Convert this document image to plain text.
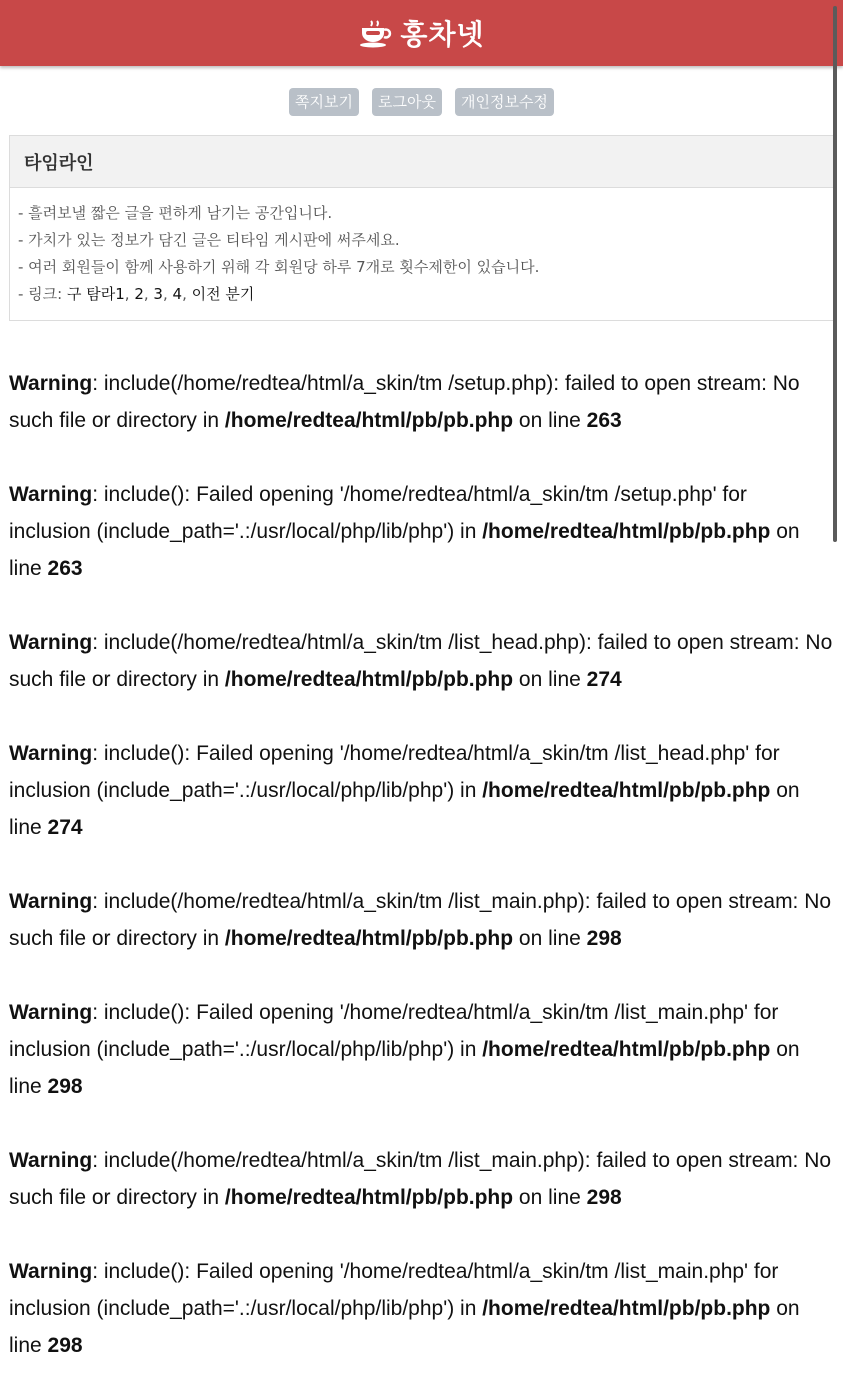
홍차넷
쪽지보기	로그아웃	개인정보수정
타임라인
- 흘려보낼 짧은 글을 편하게 남기는 공간입니다.
- 가치가 있는 정보가 담긴 글은 티타임 게시판에 써주세요.
- 여러 회원들이 함께 사용하기 위해 각 회원당 하루 7개로 횟수제한이 있습니다.
- 링크: 구 탐라1, 2, 3, 4, 이전 분기

Warning: include(/home/redtea/html/a_skin/tm /setup.php): failed to open stream: No such file or directory in /home/redtea/html/pb/pb.php on line 263

Warning: include(): Failed opening '/home/redtea/html/a_skin/tm /setup.php' for inclusion (include_path='.:/usr/local/php/lib/php') in /home/redtea/html/pb/pb.php on line 263

Warning: include(/home/redtea/html/a_skin/tm /list_head.php): failed to open stream: No such file or directory in /home/redtea/html/pb/pb.php on line 274

Warning: include(): Failed opening '/home/redtea/html/a_skin/tm /list_head.php' for inclusion (include_path='.:/usr/local/php/lib/php') in /home/redtea/html/pb/pb.php on line 274

Warning: include(/home/redtea/html/a_skin/tm /list_main.php): failed to open stream: No such file or directory in /home/redtea/html/pb/pb.php on line 298

Warning: include(): Failed opening '/home/redtea/html/a_skin/tm /list_main.php' for inclusion (include_path='.:/usr/local/php/lib/php') in /home/redtea/html/pb/pb.php on line 298

Warning: include(/home/redtea/html/a_skin/tm /list_main.php): failed to open stream: No such file or directory in /home/redtea/html/pb/pb.php on line 298

Warning: include(): Failed opening '/home/redtea/html/a_skin/tm /list_main.php' for inclusion (include_path='.:/usr/local/php/lib/php') in /home/redtea/html/pb/pb.php on line 298
